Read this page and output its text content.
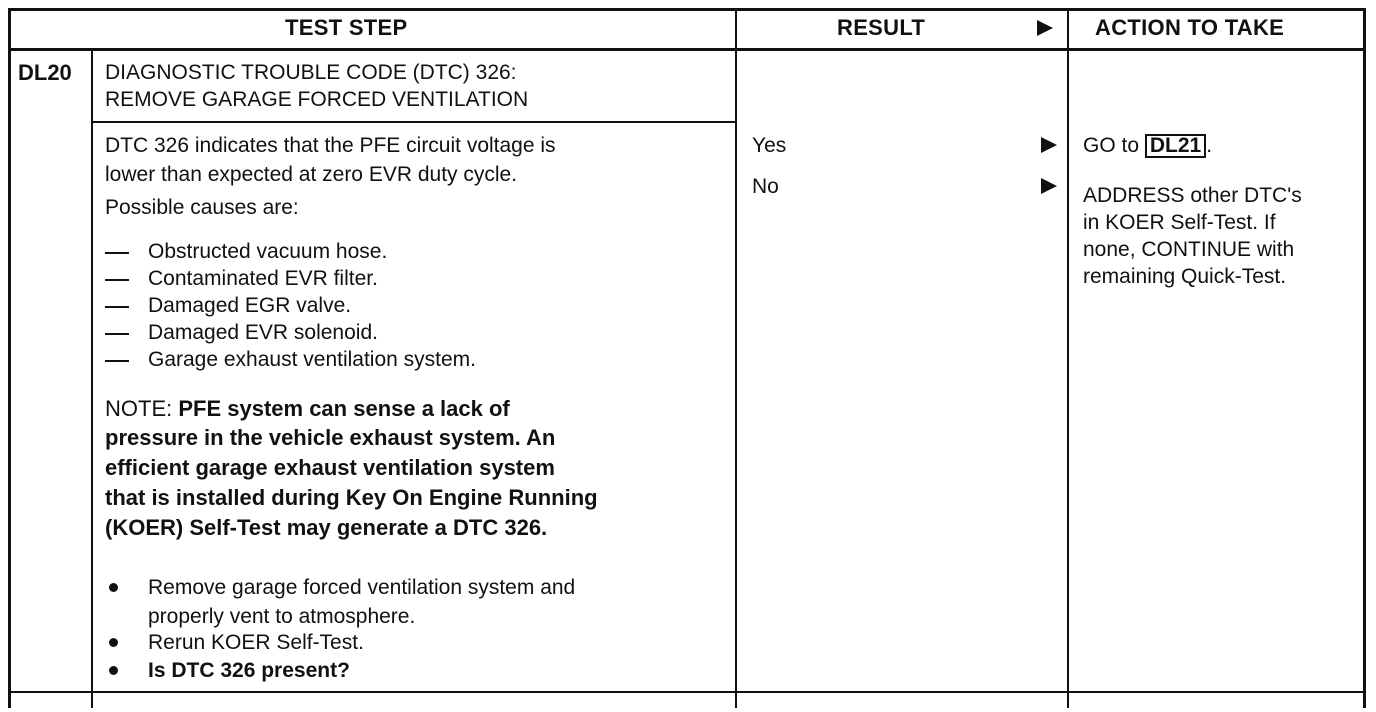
TEST STEP	RESULT	ACTION TO TAKE
DL20 DIAGNOSTIC TROUBLE CODE (DTC) 326:
REMOVE GARAGE FORCED VENTILATION
DTC 326 indicates that the PFE circuit voltage is
lower than expected at zero EVR duty cycle.
Possible causes are:
Obstructed vacuum hose.
Contaminated EVR filter.
Damaged EGR valve.
Damaged EVR solenoid.
Garage exhaust ventilation system.
NOTE: PFE system can sense a lack of
pressure in the vehicle exhaust system. An
efficient garage exhaust ventilation system
that is installed during Key On Engine Running
(KOER) Self-Test may generate a DTC 326.
Remove garage forced ventilation system and
properly vent to atmosphere.
Rerun KOER Self-Test.
Is DTC 326 present?
Yes
No
GO to DL21 .
ADDRESS other DTC's
in KOER Self-Test. If
none, CONTINUE with
remaining Quick-Test.
